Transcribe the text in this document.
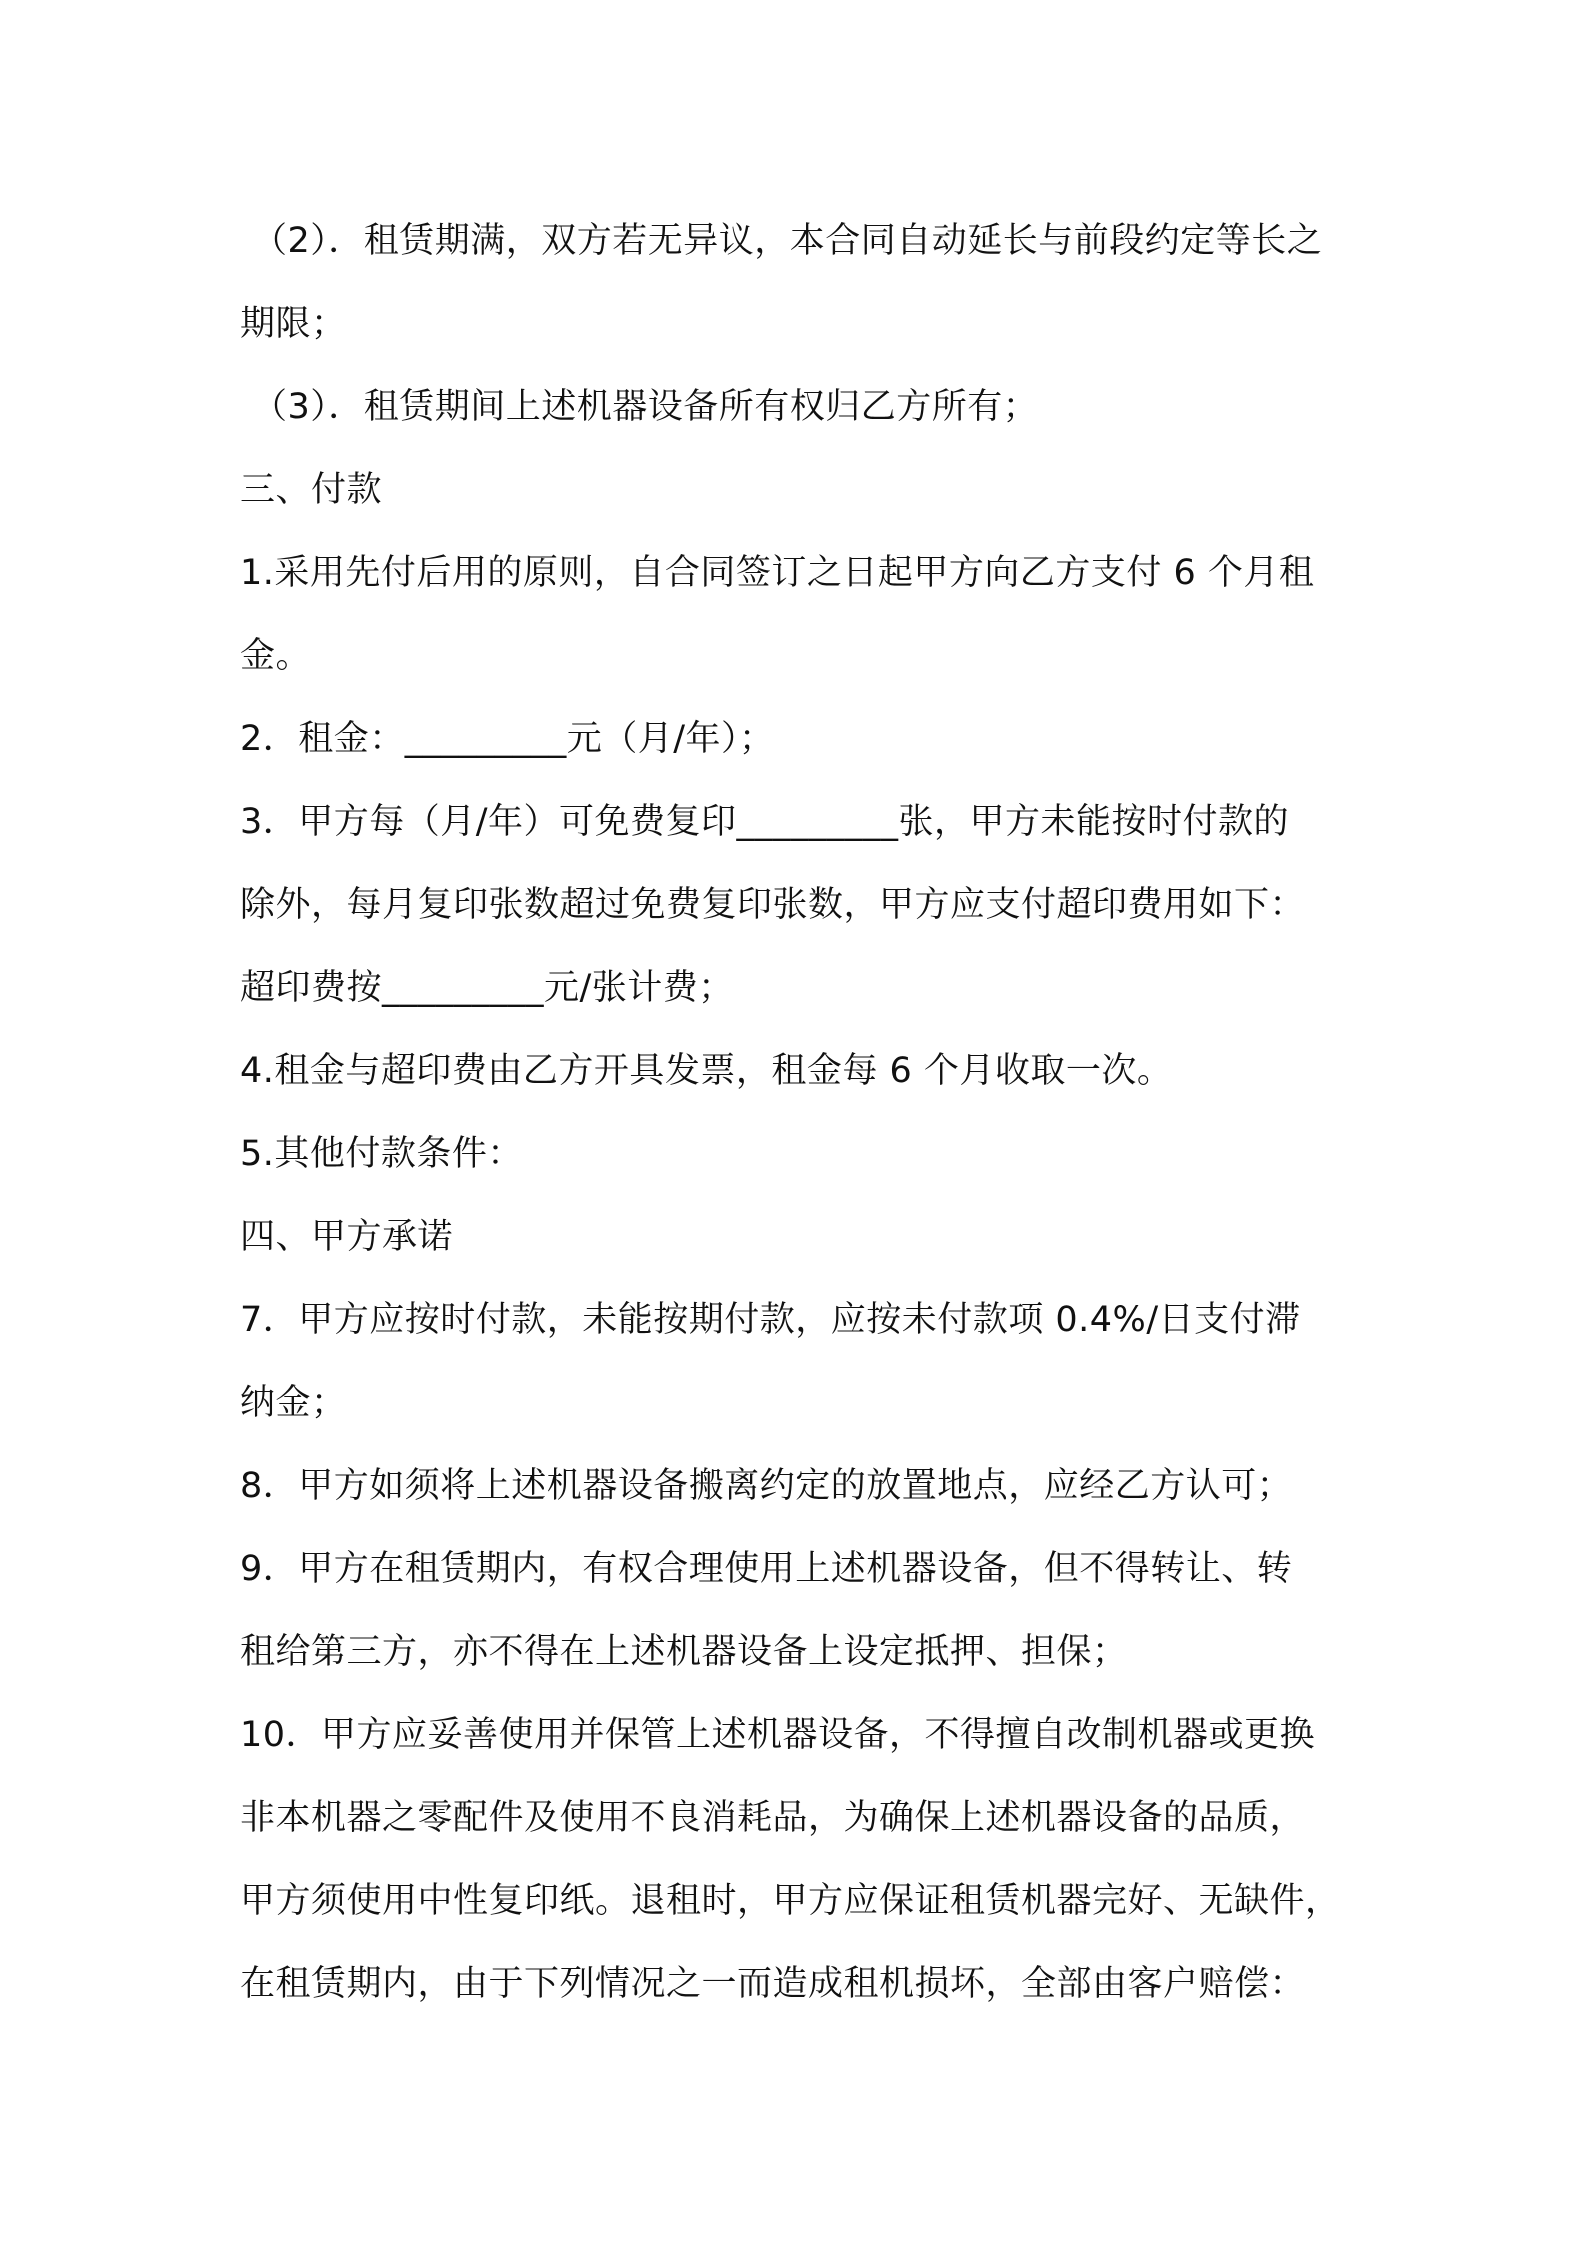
（2）．租赁期满，双方若无异议，本合同自动延长与前段约定等长之
期限；
（3）．租赁期间上述机器设备所有权归乙方所有；
三、付款
1.采用先付后用的原则，自合同签订之日起甲方向乙方支付 6 个月租
金。
2．租金：_________元（月/年）；
3．甲方每（月/年）可免费复印_________张，甲方未能按时付款的
除外，每月复印张数超过免费复印张数，甲方应支付超印费用如下：
超印费按_________元/张计费；
4.租金与超印费由乙方开具发票，租金每 6 个月收取一次。
5.其他付款条件：
四、甲方承诺
7．甲方应按时付款，未能按期付款，应按未付款项 0.4%/日支付滞
纳金；
8．甲方如须将上述机器设备搬离约定的放置地点，应经乙方认可；
9．甲方在租赁期内，有权合理使用上述机器设备，但不得转让、转
租给第三方，亦不得在上述机器设备上设定抵押、担保；
10．甲方应妥善使用并保管上述机器设备，不得擅自改制机器或更换
非本机器之零配件及使用不良消耗品，为确保上述机器设备的品质，
甲方须使用中性复印纸。退租时，甲方应保证租赁机器完好、无缺件，
在租赁期内，由于下列情况之一而造成租机损坏，全部由客户赔偿：
